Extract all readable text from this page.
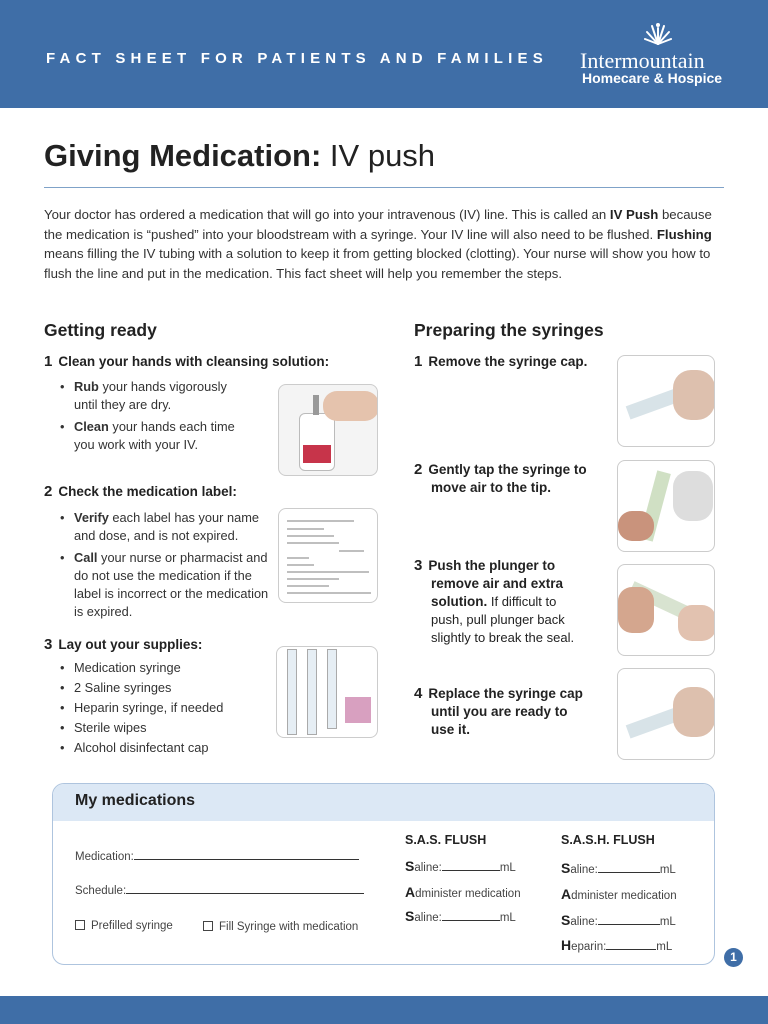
FACT SHEET FOR PATIENTS AND FAMILIES Intermountain
Homecare & Hospice
Giving Medication: IV push

Your doctor has ordered a medication that will go into your intravenous (IV) line. This is called an IV Push because the medication is “pushed” into your bloodstream with a syringe. Your IV line will also need to be flushed. Flushing means filling the IV tubing with a solution to keep it from getting blocked (clotting). Your nurse will show you how to flush the line and put in the medication. This fact sheet will help you remember the steps.

Getting ready
1 Clean your hands with cleansing solution:
• Rub your hands vigorously until they are dry.
• Clean your hands each time you work with your IV.
2 Check the medication label:
• Verify each label has your name and dose, and is not expired.
• Call your nurse or pharmacist and do not use the medication if the label is incorrect or the medication is expired.
3 Lay out your supplies:
• Medication syringe
• 2 Saline syringes
• Heparin syringe, if needed
• Sterile wipes
• Alcohol disinfectant cap
Preparing the syringes
1 Remove the syringe cap.
2 Gently tap the syringe to move air to the tip.
3 Push the plunger to remove air and extra solution. If difficult to push, pull plunger back slightly to break the seal.
4 Replace the syringe cap until you are ready to use it.
My medications
Medication:
Schedule:
Prefilled syringe	Fill Syringe with medication
S.A.S. FLUSH
Saline:	mL
Administer medication
Saline:	mL
S.A.S.H. FLUSH
Saline:	mL
Administer medication
Saline:	mL
Heparin:	mL
1
